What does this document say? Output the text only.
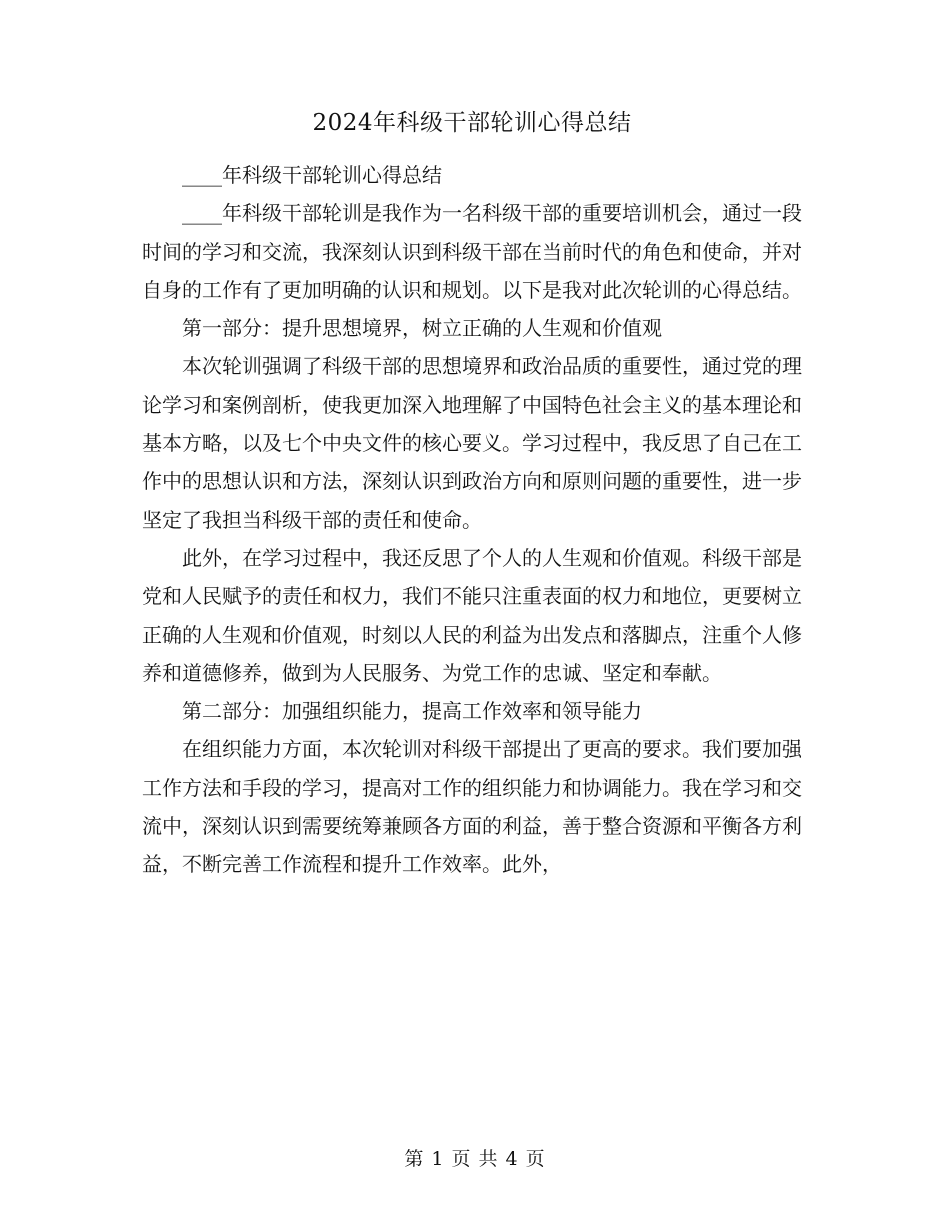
2024年科级干部轮训心得总结

____年科级干部轮训心得总结

____年科级干部轮训是我作为一名科级干部的重要培训机会，通过一段时间的学习和交流，我深刻认识到科级干部在当前时代的角色和使命，并对自身的工作有了更加明确的认识和规划。以下是我对此次轮训的心得总结。

第一部分：提升思想境界，树立正确的人生观和价值观

本次轮训强调了科级干部的思想境界和政治品质的重要性，通过党的理论学习和案例剖析，使我更加深入地理解了中国特色社会主义的基本理论和基本方略，以及七个中央文件的核心要义。学习过程中，我反思了自己在工作中的思想认识和方法，深刻认识到政治方向和原则问题的重要性，进一步坚定了我担当科级干部的责任和使命。

此外，在学习过程中，我还反思了个人的人生观和价值观。科级干部是党和人民赋予的责任和权力，我们不能只注重表面的权力和地位，更要树立正确的人生观和价值观，时刻以人民的利益为出发点和落脚点，注重个人修养和道德修养，做到为人民服务、为党工作的忠诚、坚定和奉献。

第二部分：加强组织能力，提高工作效率和领导能力

在组织能力方面，本次轮训对科级干部提出了更高的要求。我们要加强工作方法和手段的学习，提高对工作的组织能力和协调能力。我在学习和交流中，深刻认识到需要统筹兼顾各方面的利益，善于整合资源和平衡各方利益，不断完善工作流程和提升工作效率。此外，

第 1 页 共 4 页
